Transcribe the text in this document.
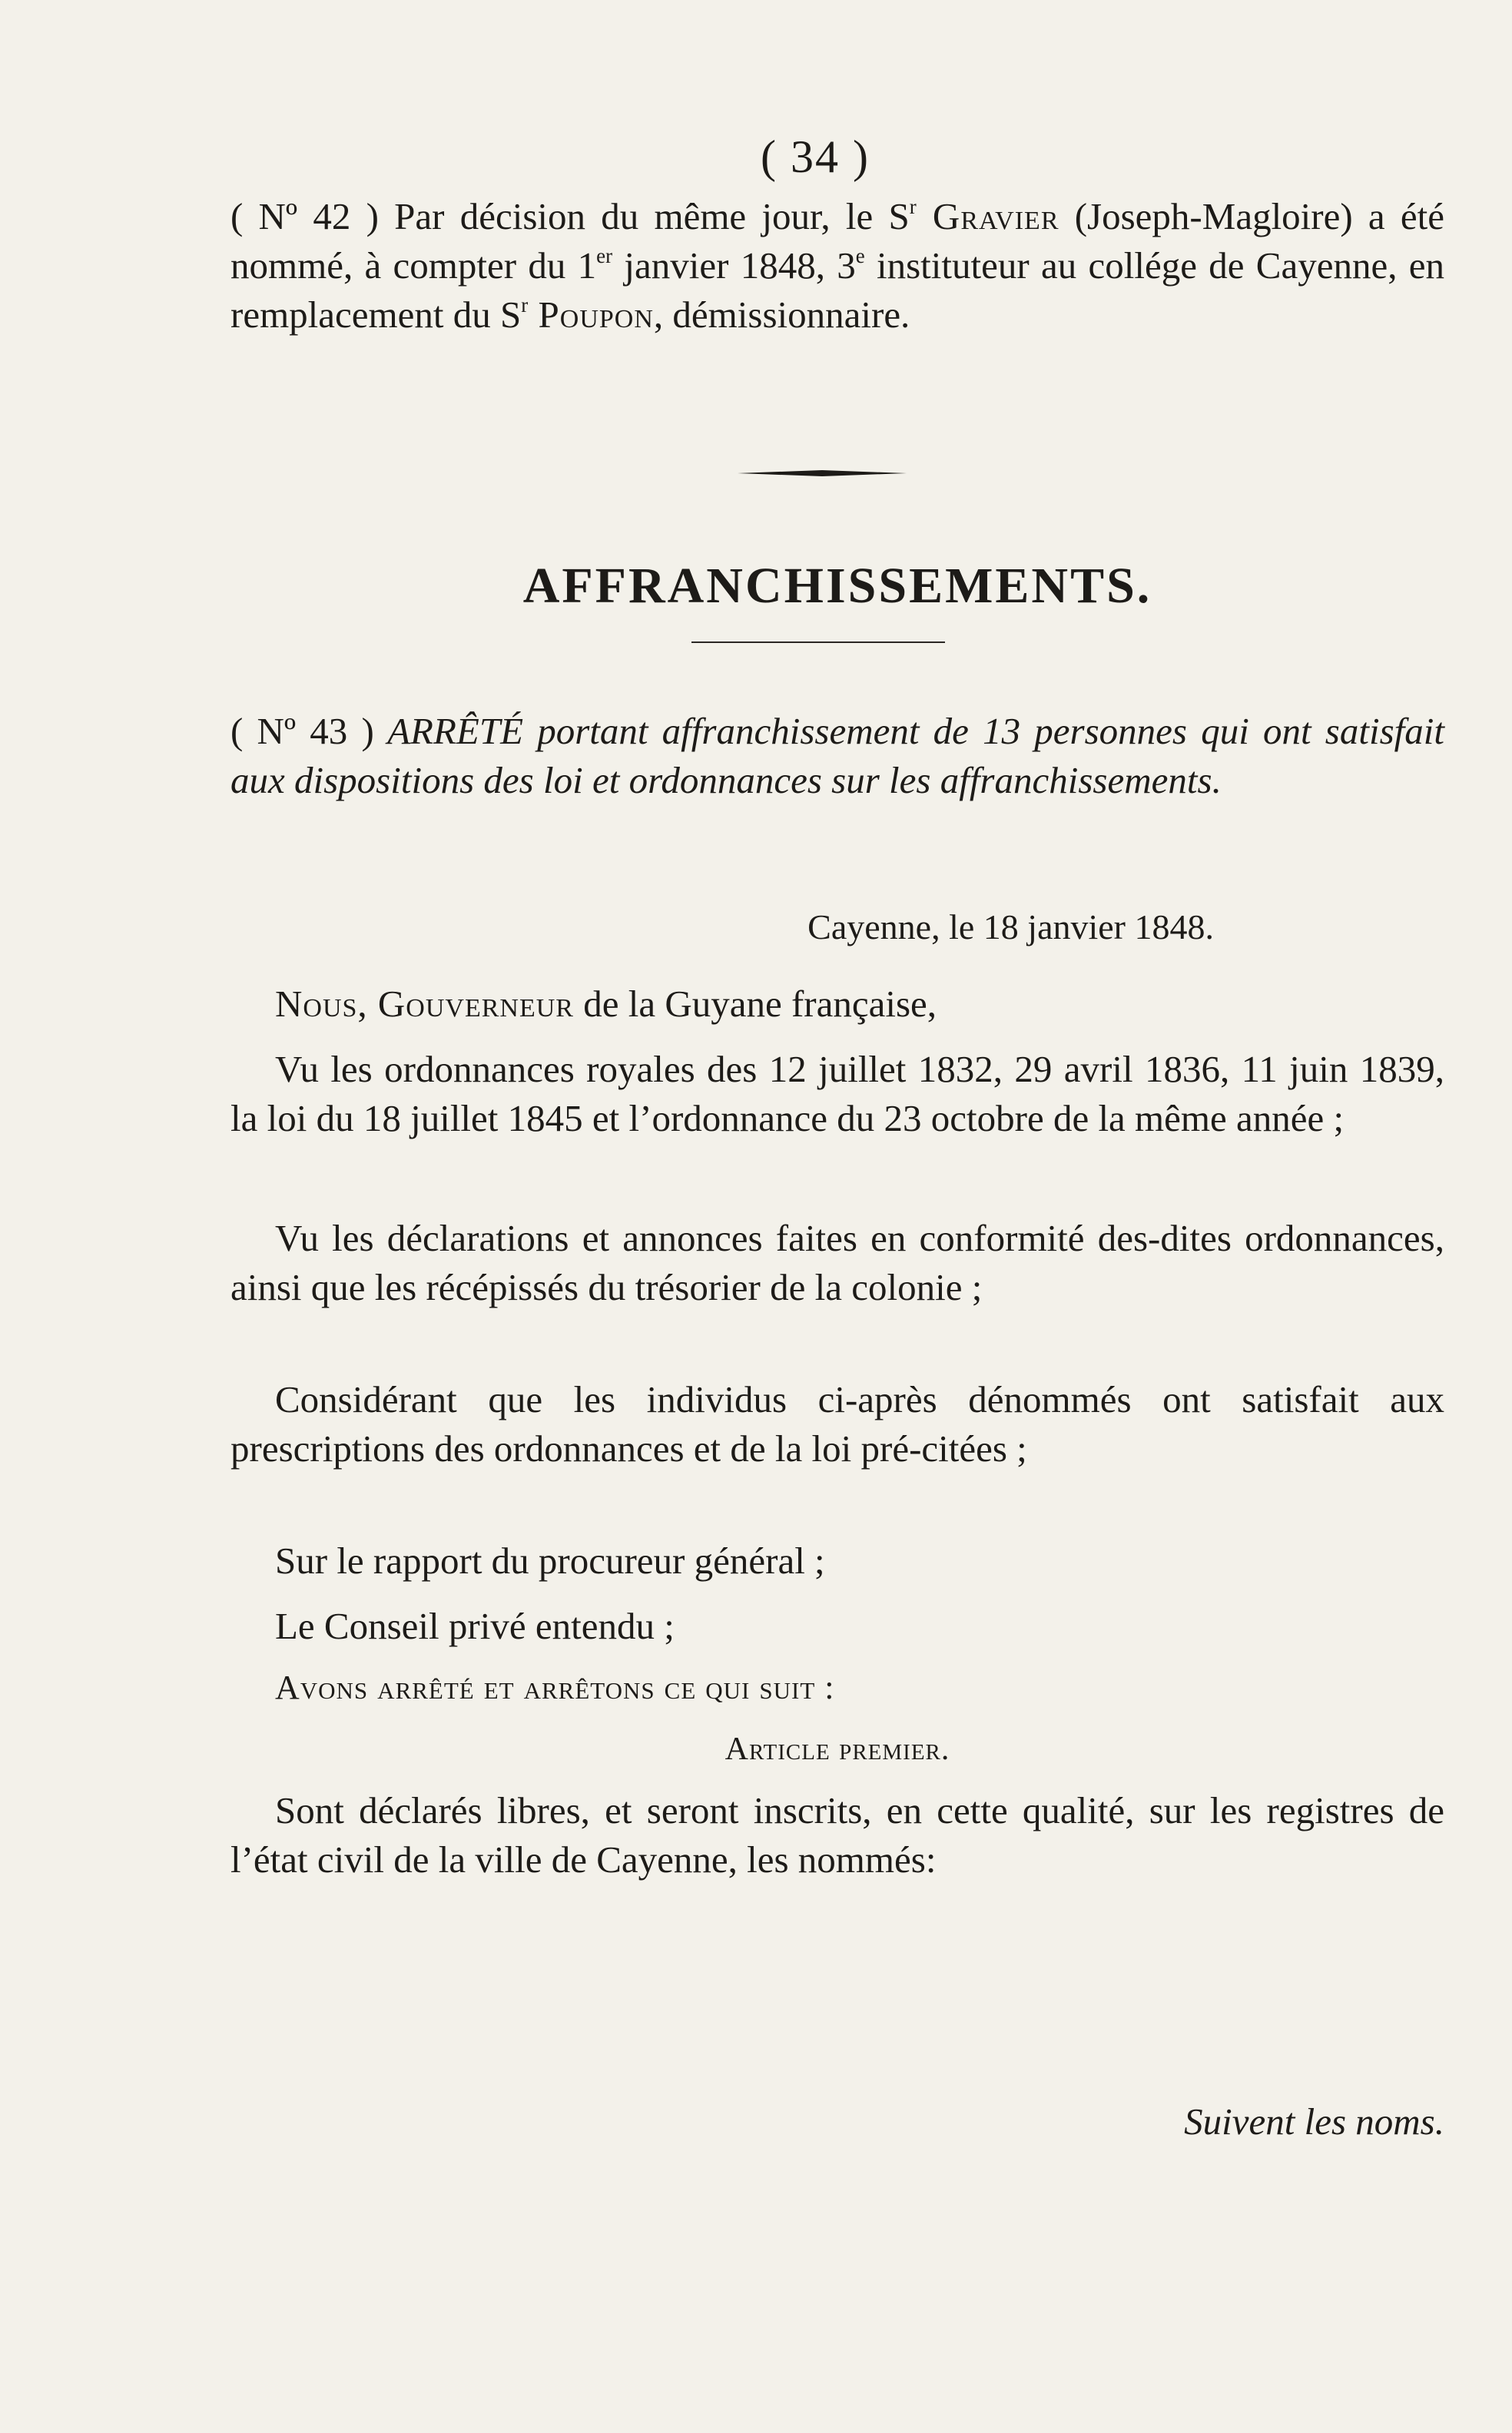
( 34 )

( Nº 42 ) Par décision du même jour, le $S^r$ Gravier (Joseph-Magloire) a été nommé, à compter du 1er janvier 1848, 3e instituteur au collége de Cayenne, en remplacement du $S^r$ Poupon, démissionnaire.

AFFRANCHISSEMENTS.

( Nº 43 ) ARRÊTÉ portant affranchissement de 13 personnes qui ont satisfait aux dispositions des loi et ordonnances sur les affranchissements.

Cayenne, le 18 janvier 1848.

Nous, Gouverneur de la Guyane française,

Vu les ordonnances royales des 12 juillet 1832, 29 avril 1836, 11 juin 1839, la loi du 18 juillet 1845 et l’ordonnance du 23 octobre de la même année ;

Vu les déclarations et annonces faites en conformité des-dites ordonnances, ainsi que les récépissés du trésorier de la colonie ;

Considérant que les individus ci-après dénommés ont satisfait aux prescriptions des ordonnances et de la loi pré-citées ;

Sur le rapport du procureur général ;

Le Conseil privé entendu ;

Avons arrêté et arrêtons ce qui suit :

Article premier.

Sont déclarés libres, et seront inscrits, en cette qualité, sur les registres de l’état civil de la ville de Cayenne, les nommés:

Suivent les noms.
